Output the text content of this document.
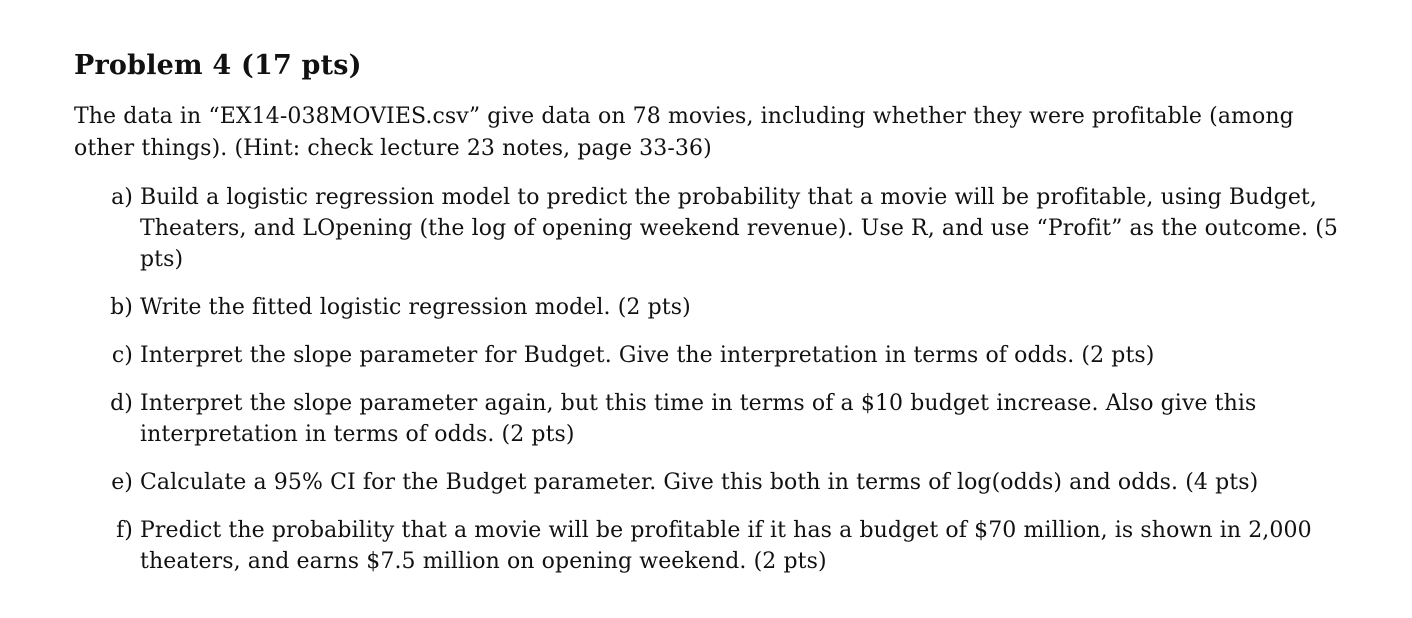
Problem 4 (17 pts)

The data in “EX14-038MOVIES.csv” give data on 78 movies, including whether they were profitable (among other things). (Hint: check lecture 23 notes, page 33-36)

a) Build a logistic regression model to predict the probability that a movie will be profitable, using Budget, Theaters, and LOpening (the log of opening weekend revenue). Use R, and use “Profit” as the outcome. (5 pts)
b) Write the fitted logistic regression model. (2 pts)
c) Interpret the slope parameter for Budget. Give the interpretation in terms of odds. (2 pts)
d) Interpret the slope parameter again, but this time in terms of a $10 budget increase. Also give this interpretation in terms of odds. (2 pts)
e) Calculate a 95% CI for the Budget parameter. Give this both in terms of log(odds) and odds. (4 pts)
f) Predict the probability that a movie will be profitable if it has a budget of $70 million, is shown in 2,000 theaters, and earns $7.5 million on opening weekend. (2 pts)
